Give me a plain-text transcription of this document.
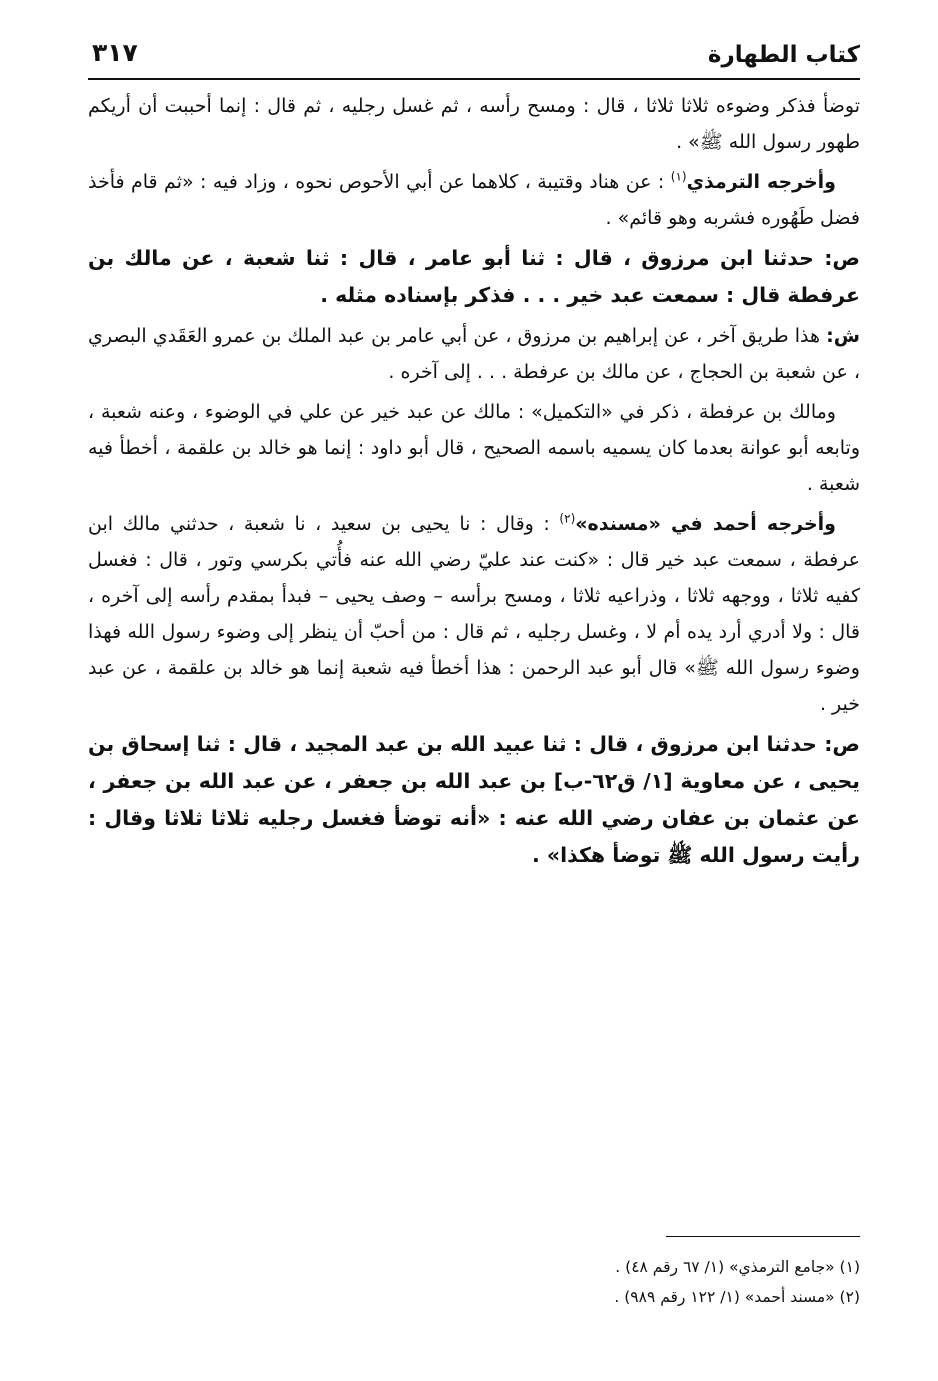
كتاب الطهارة
٣١٧

توضأ فذكر وضوءه ثلاثا ثلاثا ، قال : ومسح رأسه ، ثم غسل رجليه ، ثم قال : إنما أحببت أن أريكم طهور رسول الله ﷺ» .

وأخرجه الترمذي$^{(١)}$ : عن هناد وقتيبة ، كلاهما عن أبي الأحوص نحوه ، وزاد فيه : «ثم قام فأخذ فضل طَهُوره فشربه وهو قائم» .

ص: حدثنا ابن مرزوق ، قال : ثنا أبو عامر ، قال : ثنا شعبة ، عن مالك بن عرفطة قال : سمعت عبد خير . . . فذكر بإسناده مثله .

ش: هذا طريق آخر ، عن إبراهيم بن مرزوق ، عن أبي عامر بن عبد الملك بن عمرو العَقَدي البصري ، عن شعبة بن الحجاج ، عن مالك بن عرفطة . . . إلى آخره .

ومالك بن عرفطة ، ذكر في «التكميل» : مالك عن عبد خير عن علي في الوضوء ، وعنه شعبة ، وتابعه أبو عوانة بعدما كان يسميه باسمه الصحيح ، قال أبو داود : إنما هو خالد بن علقمة ، أخطأ فيه شعبة .

وأخرجه أحمد في «مسنده»$^{(٢)}$ : وقال : نا يحيى بن سعيد ، نا شعبة ، حدثني مالك ابن عرفطة ، سمعت عبد خير قال : «كنت عند عليّ رضي الله عنه فأُتي بكرسي وتور ، قال : فغسل كفيه ثلاثا ، ووجهه ثلاثا ، وذراعيه ثلاثا ، ومسح برأسه – وصف يحيى – فبدأ بمقدم رأسه إلى آخره ، قال : ولا أدري أرد يده أم لا ، وغسل رجليه ، ثم قال : من أحبّ أن ينظر إلى وضوء رسول الله فهذا وضوء رسول الله ﷺ» قال أبو عبد الرحمن : هذا أخطأ فيه شعبة إنما هو خالد بن علقمة ، عن عبد خير .

ص: حدثنا ابن مرزوق ، قال : ثنا عبيد الله بن عبد المجيد ، قال : ثنا إسحاق بن يحيى ، عن معاوية [١/ ق٦٢-ب] بن عبد الله بن جعفر ، عن عبد الله بن جعفر ، عن عثمان بن عفان رضي الله عنه : «أنه توضأ فغسل رجليه ثلاثا ثلاثا وقال : رأيت رسول الله ﷺ توضأ هكذا» .

(١) «جامع الترمذي» (١/ ٦٧ رقم ٤٨) .

(٢) «مسند أحمد» (١/ ١٢٢ رقم ٩٨٩) .
